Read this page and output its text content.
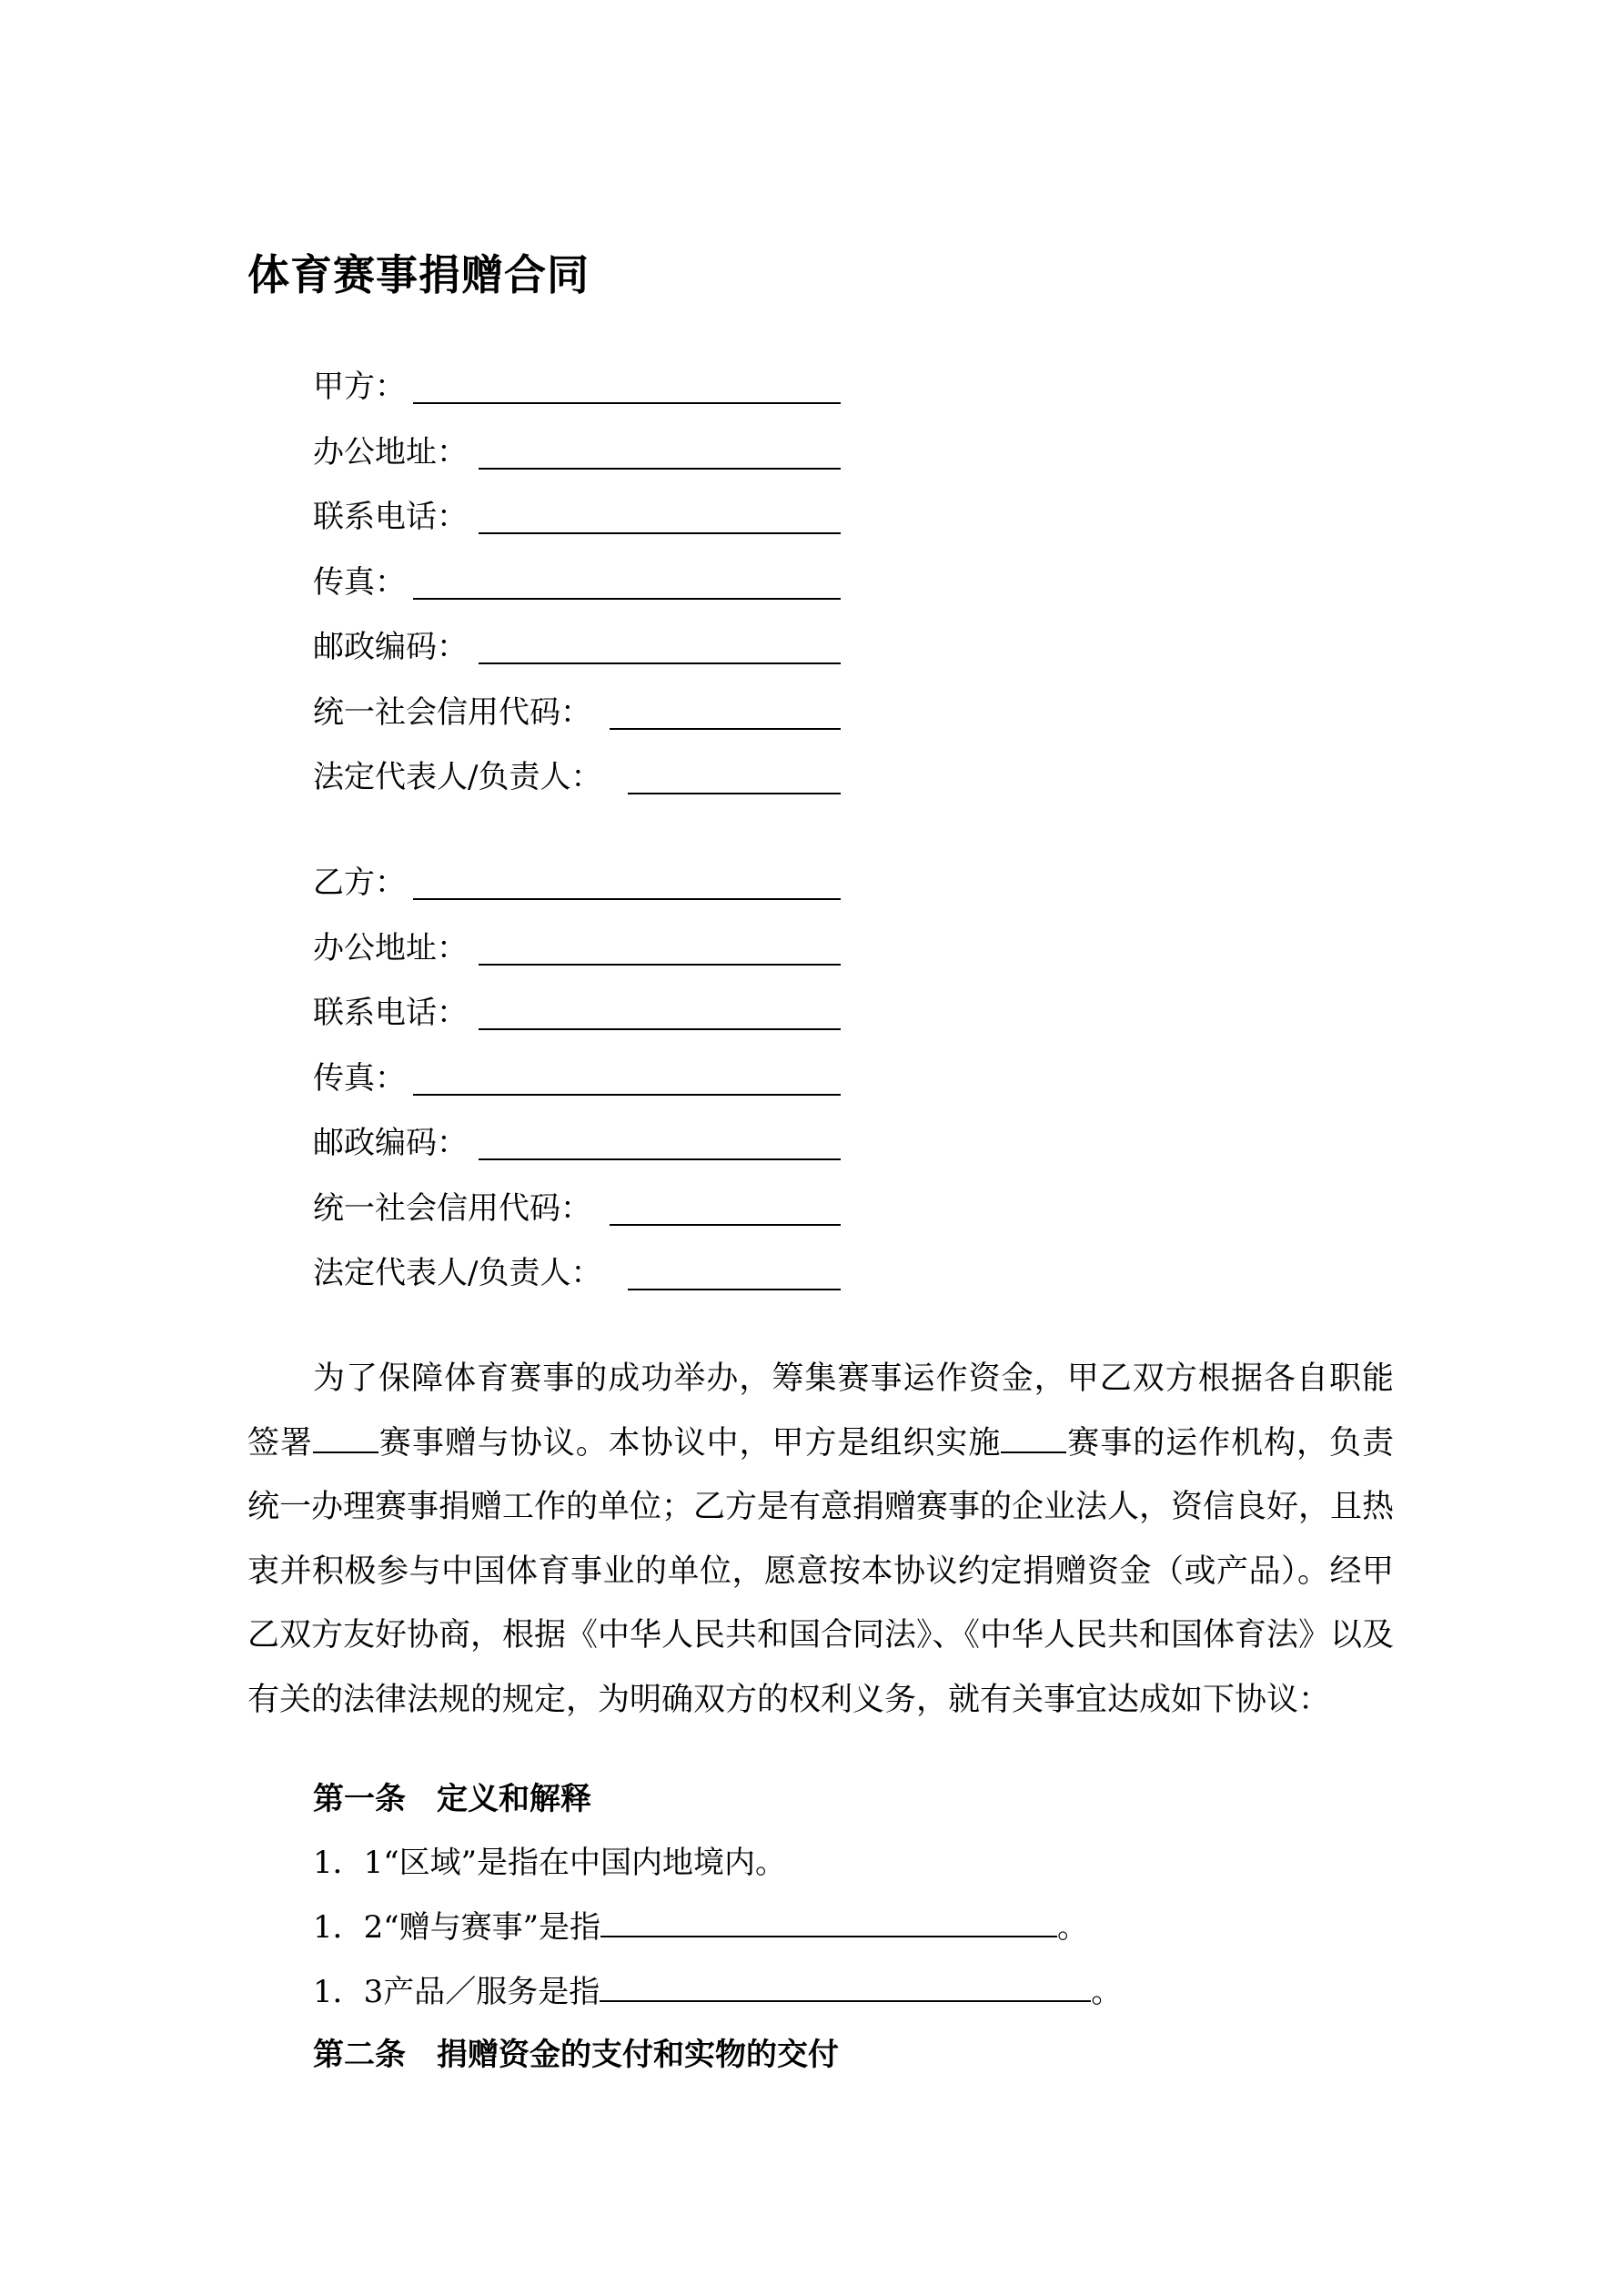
体育赛事捐赠合同
甲方：
办公地址：
联系电话：
传真：
邮政编码：
统一社会信用代码：
法定代表人/负责人：
乙方：
办公地址：
联系电话：
传真：
邮政编码：
统一社会信用代码：
法定代表人/负责人：
为了保障体育赛事的成功举办，筹集赛事运作资金，甲乙双方根据各自职能签署 赛事赠与协议。本协议中，甲方是组织实施 赛事的运作机构，负责统一办理赛事捐赠工作的单位；乙方是有意捐赠赛事的企业法人，资信良好，且热衷并积极参与中国体育事业的单位，愿意按本协议约定捐赠资金（或产品）。经甲乙双方友好协商，根据《中华人民共和国合同法》、《中华人民共和国体育法》以及有关的法律法规的规定，为明确双方的权利义务，就有关事宜达成如下协议：
第一条　定义和解释
1．1“区域”是指在中国内地境内。
1．2“赠与赛事”是指	。
1．3产品／服务是指	。
第二条　捐赠资金的支付和实物的交付
